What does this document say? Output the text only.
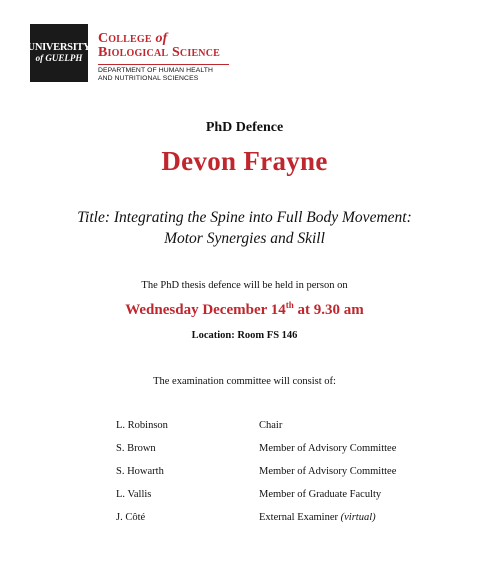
UNIVERSITY
of GUELPH
College of
Biological Science
DEPARTMENT OF HUMAN HEALTH
AND NUTRITIONAL SCIENCES
PhD Defence
Devon Frayne
Title: Integrating the Spine into Full Body Movement:
Motor Synergies and Skill
The PhD thesis defence will be held in person on
Wednesday December 14th at 9.30 am
Location: Room FS 146
The examination committee will consist of:
L. Robinson	Chair
S. Brown	Member of Advisory Committee
S. Howarth	Member of Advisory Committee
L. Vallis	Member of Graduate Faculty
J. Côté	External Examiner (virtual)
